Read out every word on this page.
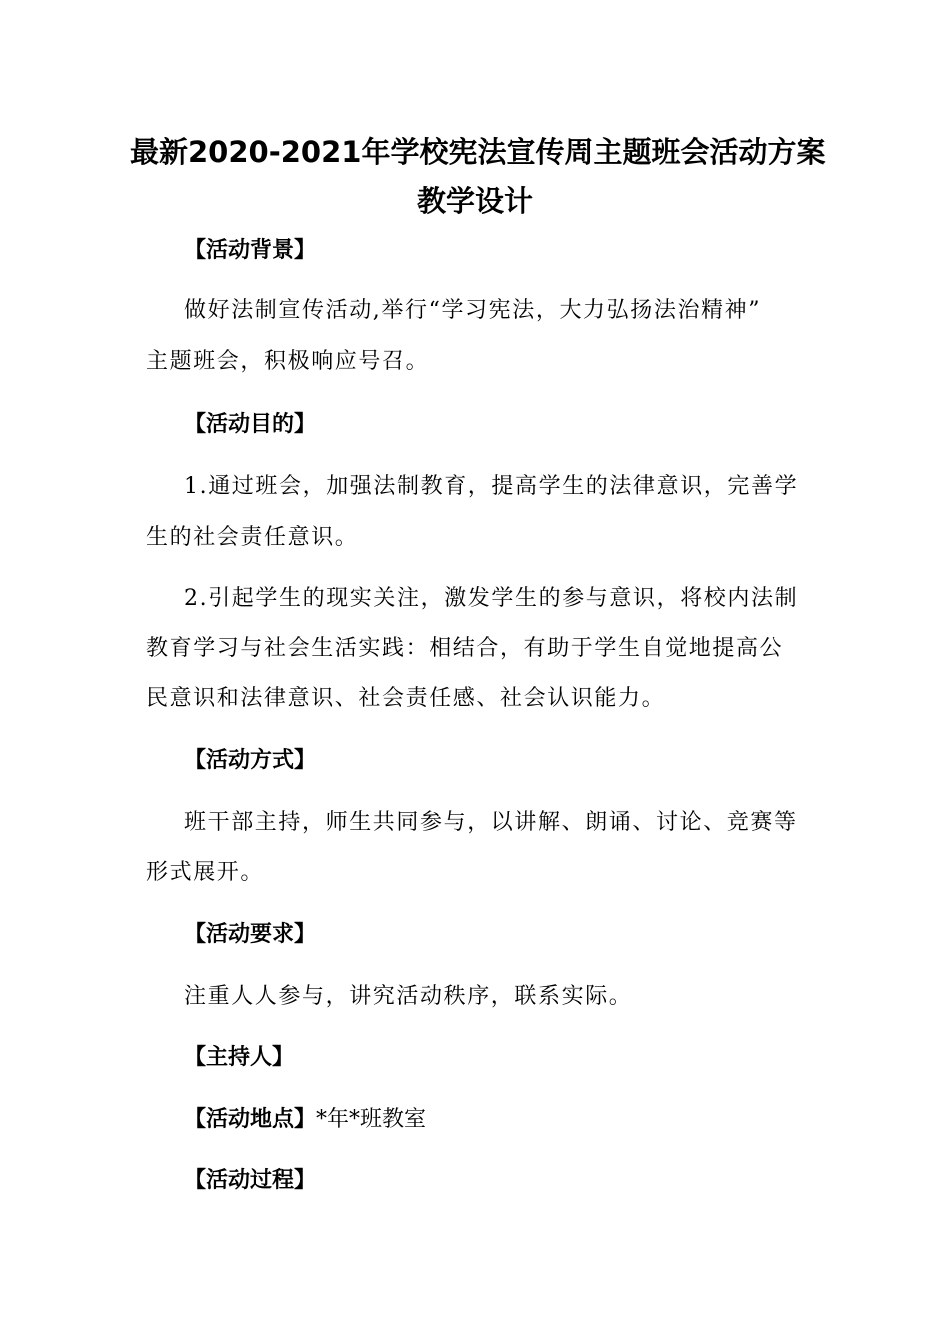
最新2020-2021年学校宪法宣传周主题班会活动方案
教学设计
【活动背景】
做好法制宣传活动,举行“学习宪法，大力弘扬法治精神”
主题班会，积极响应号召。
【活动目的】
1.通过班会，加强法制教育，提高学生的法律意识，完善学
生的社会责任意识。
2.引起学生的现实关注，激发学生的参与意识，将校内法制
教育学习与社会生活实践：相结合，有助于学生自觉地提高公
民意识和法律意识、社会责任感、社会认识能力。
【活动方式】
班干部主持，师生共同参与，以讲解、朗诵、讨论、竞赛等
形式展开。
【活动要求】
注重人人参与，讲究活动秩序，联系实际。
【主持人】
【活动地点】*年*班教室
【活动过程】
